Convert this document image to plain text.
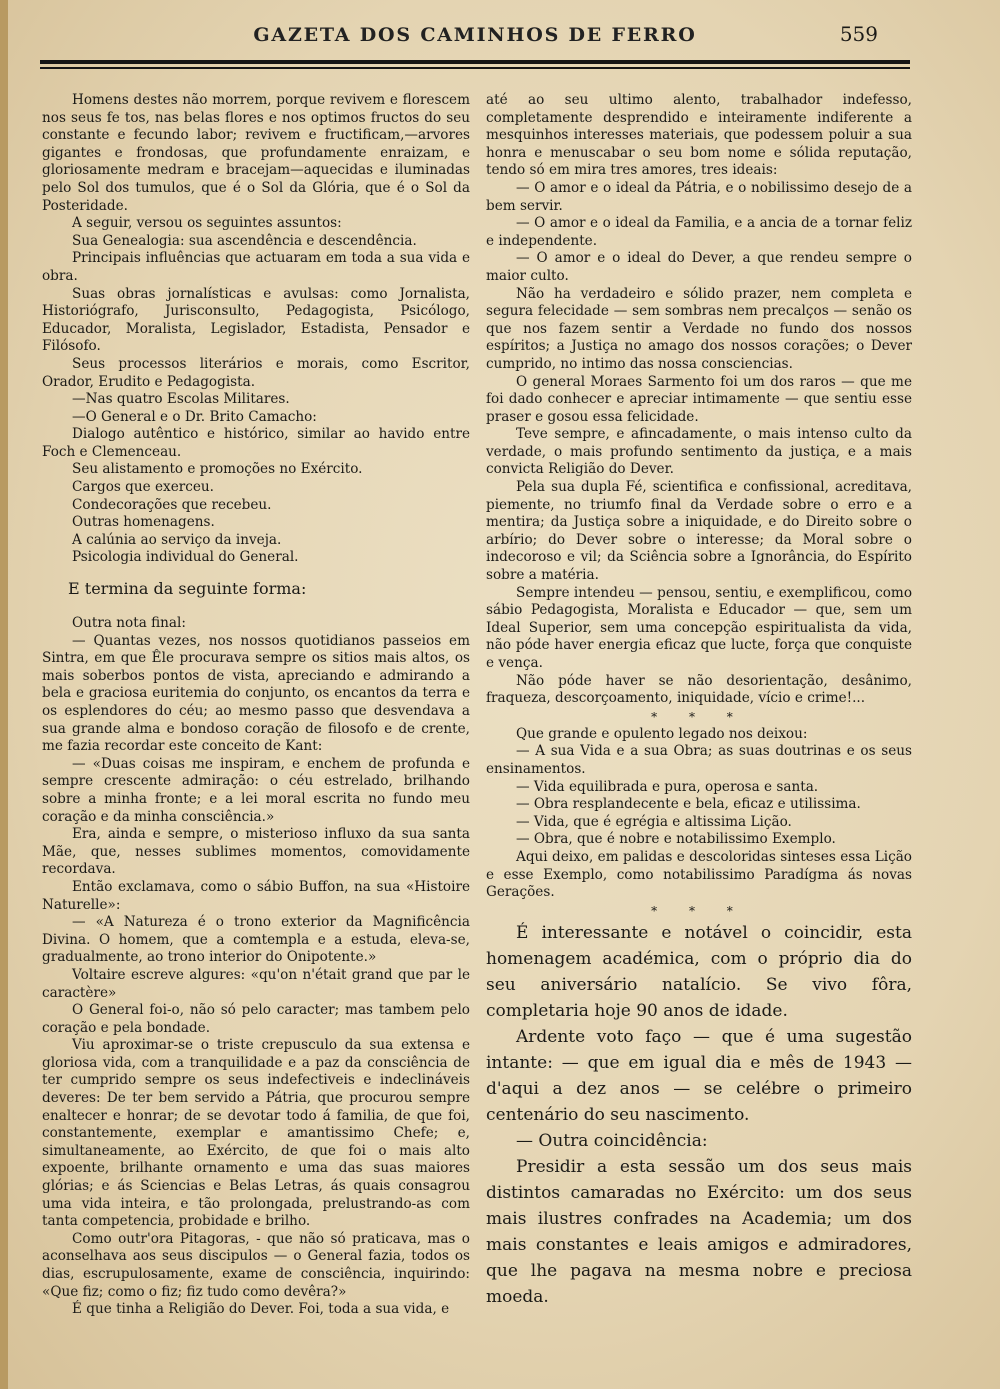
GAZETA DOS CAMINHOS DE FERRO	559

Homens destes não morrem, porque revivem e florescem nos seus fe tos, nas belas flores e nos optimos fructos do seu constante e fecundo labor; revivem e fructificam,—arvores gigantes e frondosas, que profundamente enraizam, e gloriosamente medram e bracejam—aquecidas e iluminadas pelo Sol dos tumulos, que é o Sol da Glória, que é o Sol da Posteridade.

A seguir, versou os seguintes assuntos:

Sua Genealogia: sua ascendência e descendência.

Principais influências que actuaram em toda a sua vida e obra.

Suas obras jornalísticas e avulsas: como Jornalista, Historiógrafo, Jurisconsulto, Pedagogista, Psicólogo, Educador, Moralista, Legislador, Estadista, Pensador e Filósofo.

Seus processos literários e morais, como Escritor, Orador, Erudito e Pedagogista.

—Nas quatro Escolas Militares.

—O General e o Dr. Brito Camacho:

Dialogo autêntico e histórico, similar ao havido entre Foch e Clemenceau.

Seu alistamento e promoções no Exército.

Cargos que exerceu.

Condecorações que recebeu.

Outras homenagens.

A calúnia ao serviço da inveja.

Psicologia individual do General.

E termina da seguinte forma:

Outra nota final:

— Quantas vezes, nos nossos quotidianos passeios em Sintra, em que Êle procurava sempre os sitios mais altos, os mais soberbos pontos de vista, apreciando e admirando a bela e graciosa euritemia do conjunto, os encantos da terra e os esplendores do céu; ao mesmo passo que desvendava a sua grande alma e bondoso coração de filosofo e de crente, me fazia recordar este conceito de Kant:

— «Duas coisas me inspiram, e enchem de profunda e sempre crescente admiração: o céu estrelado, brilhando sobre a minha fronte; e a lei moral escrita no fundo meu coração e da minha consciência.»

Era, ainda e sempre, o misterioso influxo da sua santa Mãe, que, nesses sublimes momentos, comovidamente recordava.

Então exclamava, como o sábio Buffon, na sua «Histoire Naturelle»:

— «A Natureza é o trono exterior da Magnificência Divina. O homem, que a comtempla e a estuda, eleva-se, gradualmente, ao trono interior do Onipotente.»

Voltaire escreve algures: «qu'on n'était grand que par le caractère»

O General foi-o, não só pelo caracter; mas tambem pelo coração e pela bondade.

Viu aproximar-se o triste crepusculo da sua extensa e gloriosa vida, com a tranquilidade e a paz da consciência de ter cumprido sempre os seus indefectiveis e indeclináveis deveres: De ter bem servido a Pátria, que procurou sempre enaltecer e honrar; de se devotar todo á familia, de que foi, constantemente, exemplar e amantissimo Chefe; e, simultaneamente, ao Exército, de que foi o mais alto expoente, brilhante ornamento e uma das suas maiores glórias; e ás Sciencias e Belas Letras, ás quais consagrou uma vida inteira, e tão prolongada, prelustrando-as com tanta competencia, probidade e brilho.

Como outr'ora Pitagoras, - que não só praticava, mas o aconselhava aos seus discipulos — o General fazia, todos os dias, escrupulosamente, exame de consciência, inquirindo: «Que fiz; como o fiz; fiz tudo como devêra?»

É que tinha a Religião do Dever. Foi, toda a sua vida, e

até ao seu ultimo alento, trabalhador indefesso, completamente desprendido e inteiramente indiferente a mesquinhos interesses materiais, que podessem poluir a sua honra e menuscabar o seu bom nome e sólida reputação, tendo só em mira tres amores, tres ideais:

— O amor e o ideal da Pátria, e o nobilissimo desejo de a bem servir.

— O amor e o ideal da Familia, e a ancia de a tornar feliz e independente.

— O amor e o ideal do Dever, a que rendeu sempre o maior culto.

Não ha verdadeiro e sólido prazer, nem completa e segura felecidade — sem sombras nem precalços — senão os que nos fazem sentir a Verdade no fundo dos nossos espíritos; a Justiça no amago dos nossos corações; o Dever cumprido, no intimo das nossa consciencias.

O general Moraes Sarmento foi um dos raros — que me foi dado conhecer e apreciar intimamente — que sentiu esse praser e gosou essa felicidade.

Teve sempre, e afincadamente, o mais intenso culto da verdade, o mais profundo sentimento da justiça, e a mais convicta Religião do Dever.

Pela sua dupla Fé, scientifica e confissional, acreditava, piemente, no triumfo final da Verdade sobre o erro e a mentira; da Justiça sobre a iniquidade, e do Direito sobre o arbírio; do Dever sobre o interesse; da Moral sobre o indecoroso e vil; da Sciência sobre a Ignorância, do Espírito sobre a matéria.

Sempre intendeu — pensou, sentiu, e exemplificou, como sábio Pedagogista, Moralista e Educador — que, sem um Ideal Superior, sem uma concepção espiritualista da vida, não póde haver energia eficaz que lucte, força que conquiste e vença.

Não póde haver se não desorientação, desânimo, fraqueza, descorçoamento, iniquidade, vício e crime!...

* * *

Que grande e opulento legado nos deixou:

— A sua Vida e a sua Obra; as suas doutrinas e os seus ensinamentos.

— Vida equilibrada e pura, operosa e santa.

— Obra resplandecente e bela, eficaz e utilissima.

— Vida, que é egrégia e altissima Lição.

— Obra, que é nobre e notabilissimo Exemplo.

Aqui deixo, em palidas e descoloridas sinteses essa Lição e esse Exemplo, como notabilissimo Paradígma ás novas Gerações.

* * *

É interessante e notável o coincidir, esta homenagem académica, com o próprio dia do seu aniversário natalício. Se vivo fôra, completaria hoje 90 anos de idade.

Ardente voto faço — que é uma sugestão intante: — que em igual dia e mês de 1943 — d'aqui a dez anos — se celébre o primeiro centenário do seu nascimento.

— Outra coincidência:

Presidir a esta sessão um dos seus mais distintos camaradas no Exército: um dos seus mais ilustres confrades na Academia; um dos mais constantes e leais amigos e admiradores, que lhe pagava na mesma nobre e preciosa moeda.
